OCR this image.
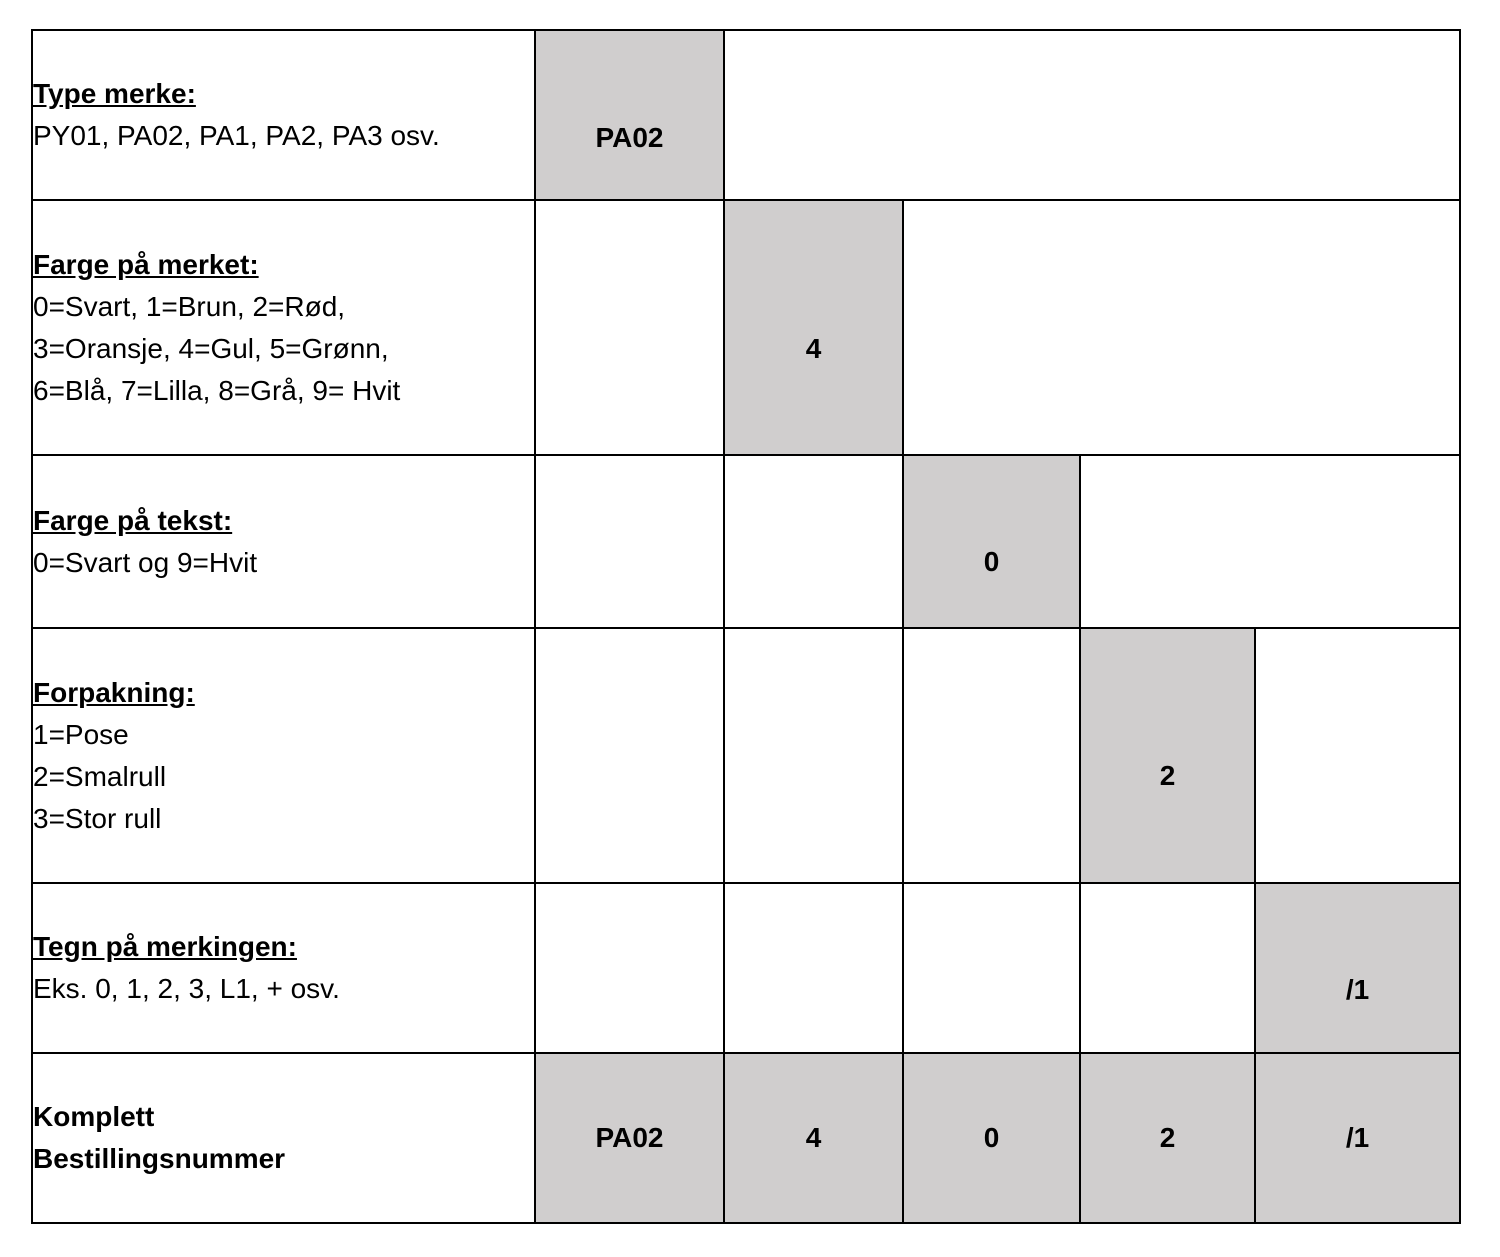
Type merke:
PY01, PA02, PA1, PA2, PA3 osv.	PA02				

Farge på merket:
0=Svart, 1=Brun, 2=Rød,
3=Oransje, 4=Gul, 5=Grønn,
6=Blå, 7=Lilla, 8=Grå, 9= Hvit		4			

Farge på tekst:
0=Svart og 9=Hvit			0		

Forpakning:
1=Pose
2=Smalrull
3=Stor rull				2	

Tegn på merkingen:
Eks. 0, 1, 2, 3, L1, + osv.					/1

Komplett
Bestillingsnummer	PA02	4	0	2	/1
